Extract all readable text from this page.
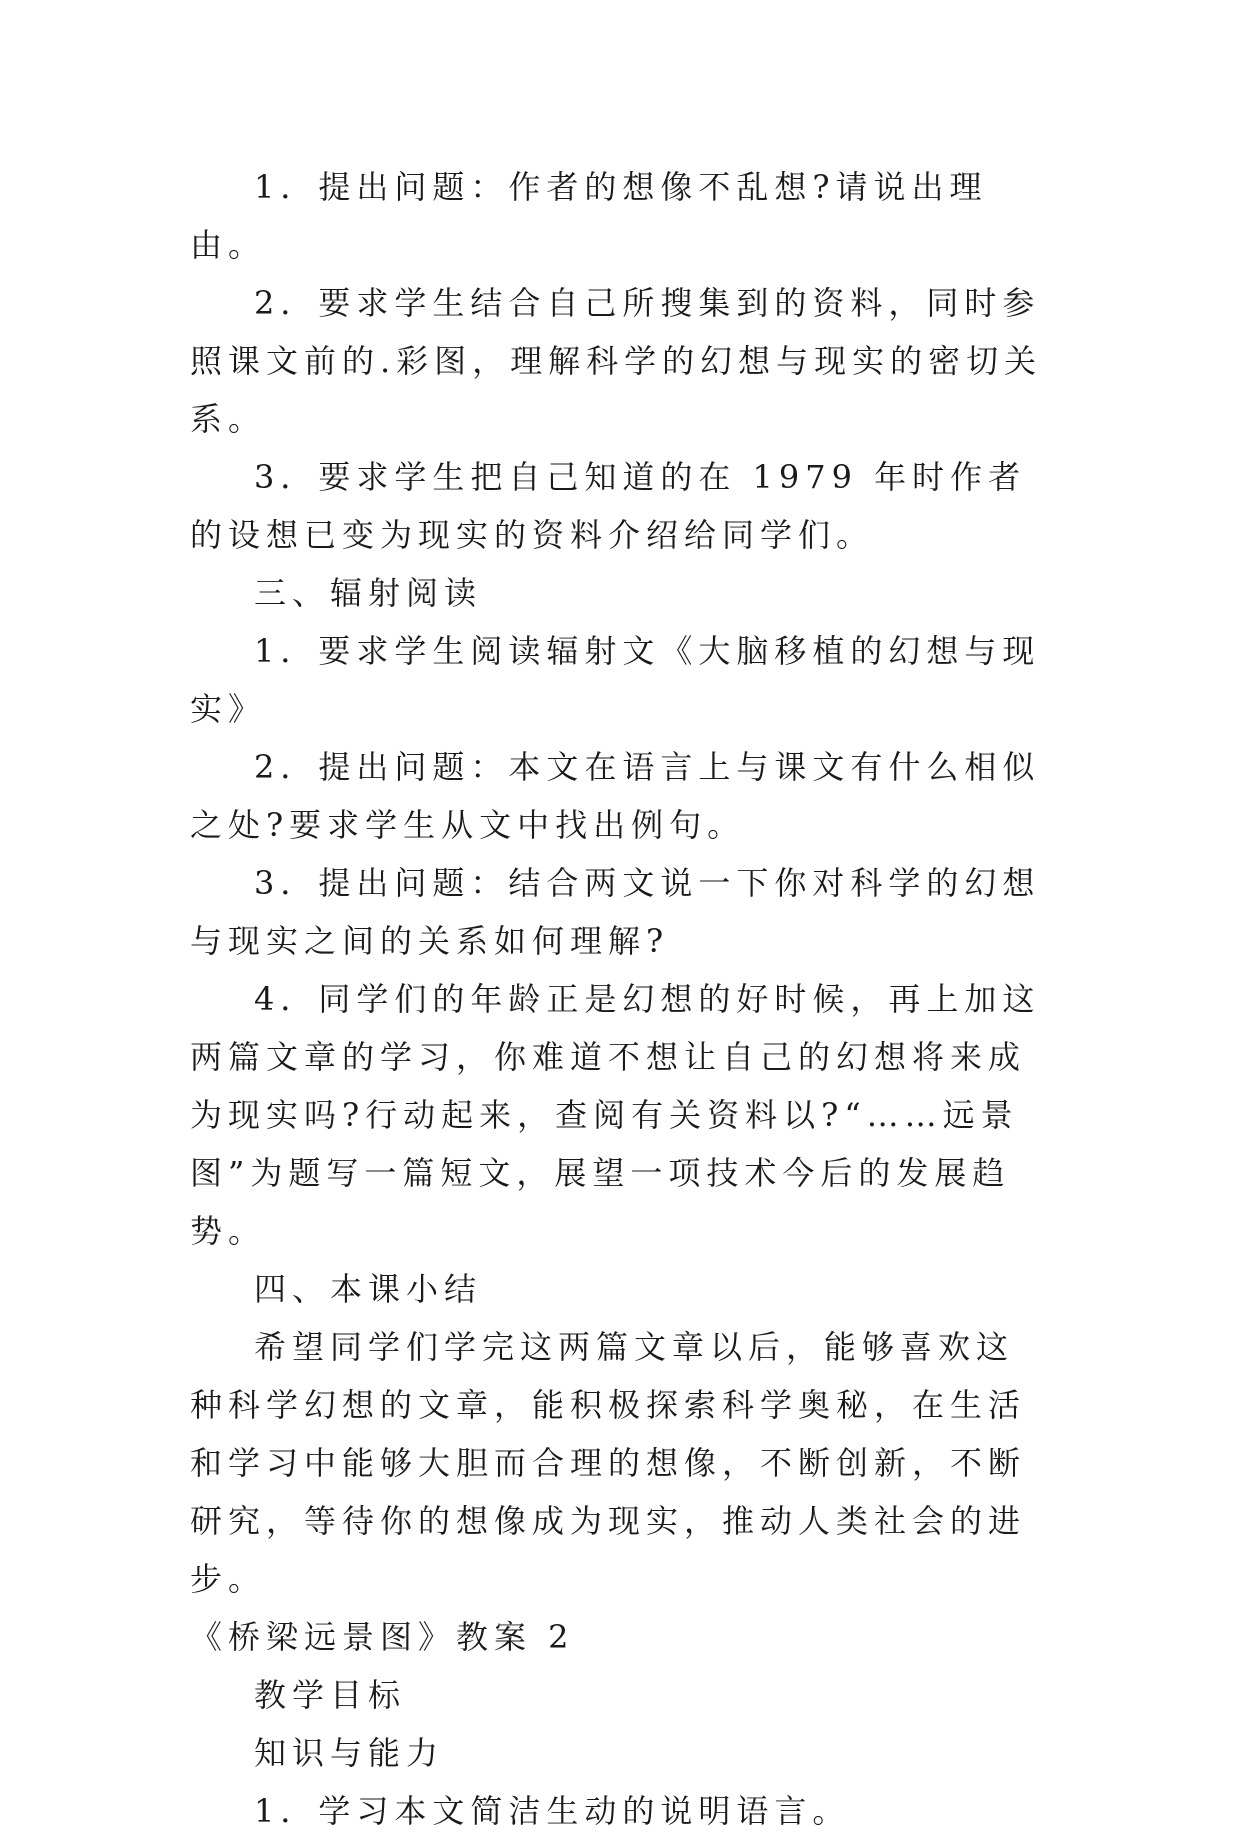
1．提出问题：作者的想像不乱想?请说出理由。

2．要求学生结合自己所搜集到的资料，同时参照课文前的.彩图，理解科学的幻想与现实的密切关系。

3．要求学生把自己知道的在 1979 年时作者的设想已变为现实的资料介绍给同学们。

三、辐射阅读

1．要求学生阅读辐射文《大脑移植的幻想与现实》

2．提出问题：本文在语言上与课文有什么相似之处?要求学生从文中找出例句。

3．提出问题：结合两文说一下你对科学的幻想与现实之间的关系如何理解?

4．同学们的年龄正是幻想的好时候，再上加这两篇文章的学习，你难道不想让自己的幻想将来成为现实吗?行动起来，查阅有关资料以?“……远景图”为题写一篇短文，展望一项技术今后的发展趋势。

四、本课小结

希望同学们学完这两篇文章以后，能够喜欢这种科学幻想的文章，能积极探索科学奥秘，在生活和学习中能够大胆而合理的想像，不断创新，不断研究，等待你的想像成为现实，推动人类社会的进步。

《桥梁远景图》教案 2

教学目标

知识与能力

1．学习本文简洁生动的说明语言。
